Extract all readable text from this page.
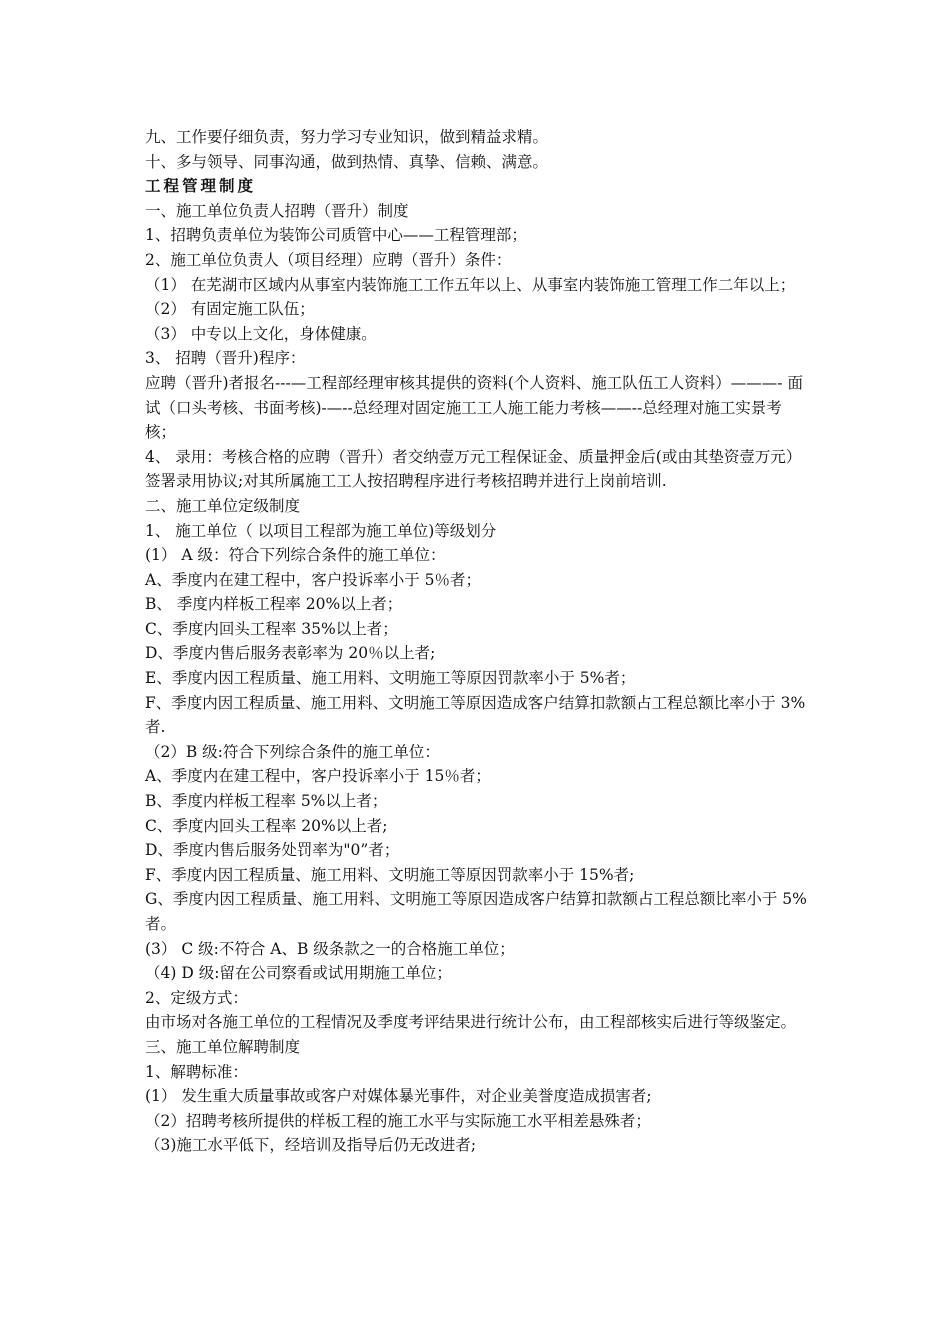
九、工作要仔细负责，努力学习专业知识，做到精益求精。

十、多与领导、同事沟通，做到热情、真挚、信赖、满意。

工程管理制度

一、施工单位负责人招聘（晋升）制度

1、招聘负责单位为装饰公司质管中心——工程管理部；

2、施工单位负责人（项目经理）应聘（晋升）条件：

（1） 在芜湖市区域内从事室内装饰施工工作五年以上、从事室内装饰施工管理工作二年以上；

（2） 有固定施工队伍；

（3） 中专以上文化，身体健康。

3、 招聘（晋升)程序：

应聘（晋升)者报名---—工程部经理审核其提供的资料(个人资料、施工队伍工人资料）———- 面试（口头考核、书面考核)-—--总经理对固定施工工人施工能力考核——--总经理对施工实景考核；

4、 录用：考核合格的应聘（晋升）者交纳壹万元工程保证金、质量押金后(或由其垫资壹万元）签署录用协议;对其所属施工工人按招聘程序进行考核招聘并进行上岗前培训.

二、施工单位定级制度

1、 施工单位（ 以项目工程部为施工单位)等级划分

(1） A 级：符合下列综合条件的施工单位：

A、季度内在建工程中，客户投诉率小于 5％者；

B、 季度内样板工程率 20%以上者；

C、季度内回头工程率 35%以上者；

D、季度内售后服务表彰率为 20％以上者;

E、季度内因工程质量、施工用料、文明施工等原因罚款率小于 5%者；

F、季度内因工程质量、施工用料、文明施工等原因造成客户结算扣款额占工程总额比率小于 3%者.

（2）B 级:符合下列综合条件的施工单位：

A、季度内在建工程中，客户投诉率小于 15％者；

B、季度内样板工程率 5%以上者；

C、季度内回头工程率 20%以上者;

D、季度内售后服务处罚率为"0”者；

F、季度内因工程质量、施工用料、文明施工等原因罚款率小于 15%者;

G、季度内因工程质量、施工用料、文明施工等原因造成客户结算扣款额占工程总额比率小于 5%者。

(3） C 级:不符合 A、B 级条款之一的合格施工单位；

（4) D 级:留在公司察看或试用期施工单位；

2、定级方式：

由市场对各施工单位的工程情况及季度考评结果进行统计公布，由工程部核实后进行等级鉴定。

三、施工单位解聘制度

1、解聘标准：

(1） 发生重大质量事故或客户对媒体暴光事件，对企业美誉度造成损害者;

（2）招聘考核所提供的样板工程的施工水平与实际施工水平相差悬殊者；

（3)施工水平低下，经培训及指导后仍无改进者;
